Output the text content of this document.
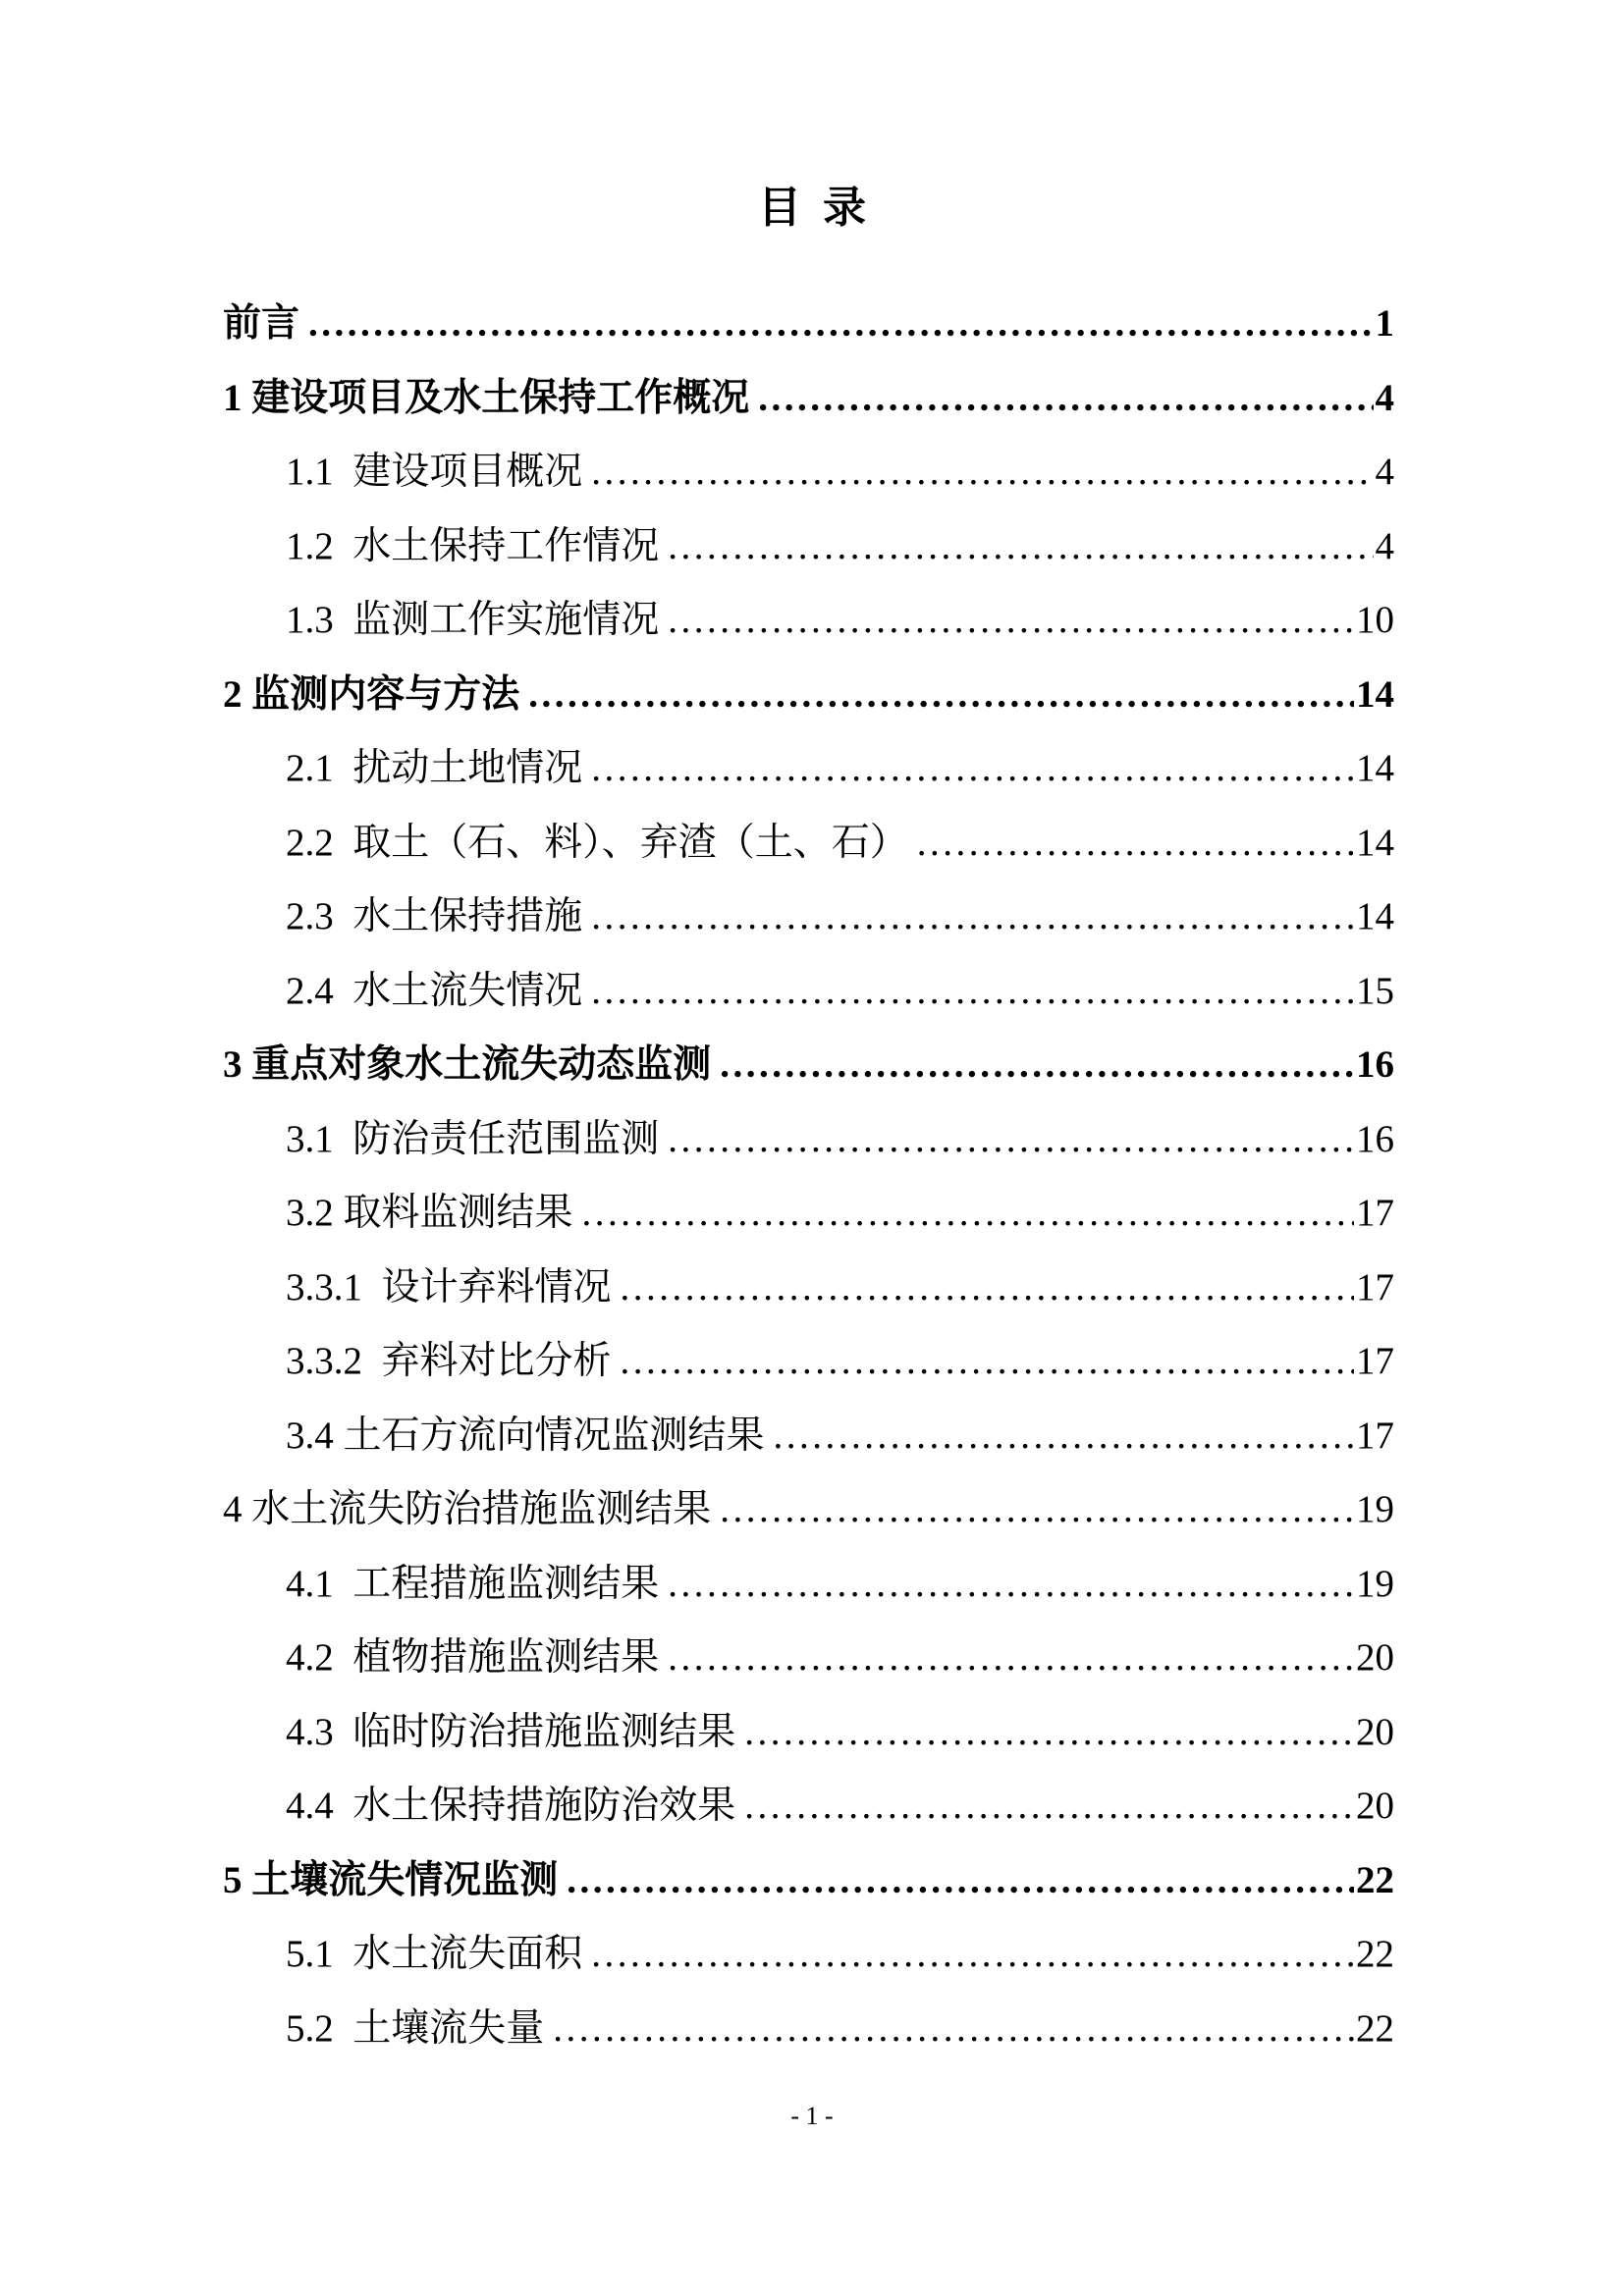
目录
前言 .....	1
1 建设项目及水土保持工作概况 .....	4
1.1  建设项目概况 .....	4
1.2  水土保持工作情况 .....	4
1.3  监测工作实施情况 .....	10
2 监测内容与方法 .....	14
2.1  扰动土地情况 .....	14
2.2  取土（石、料）、弃渣（土、石） .....	14
2.3  水土保持措施 .....	14
2.4  水土流失情况 .....	15
3 重点对象水土流失动态监测 .....	16
3.1  防治责任范围监测 .....	16
3.2 取料监测结果 .....	17
3.3.1  设计弃料情况 .....	17
3.3.2  弃料对比分析 .....	17
3.4 土石方流向情况监测结果 .....	17
4 水土流失防治措施监测结果 .....	19
4.1  工程措施监测结果 .....	19
4.2  植物措施监测结果 .....	20
4.3  临时防治措施监测结果 .....	20
4.4  水土保持措施防治效果 .....	20
5 土壤流失情况监测 .....	22
5.1  水土流失面积 .....	22
5.2  土壤流失量 .....	22
- 1 -
